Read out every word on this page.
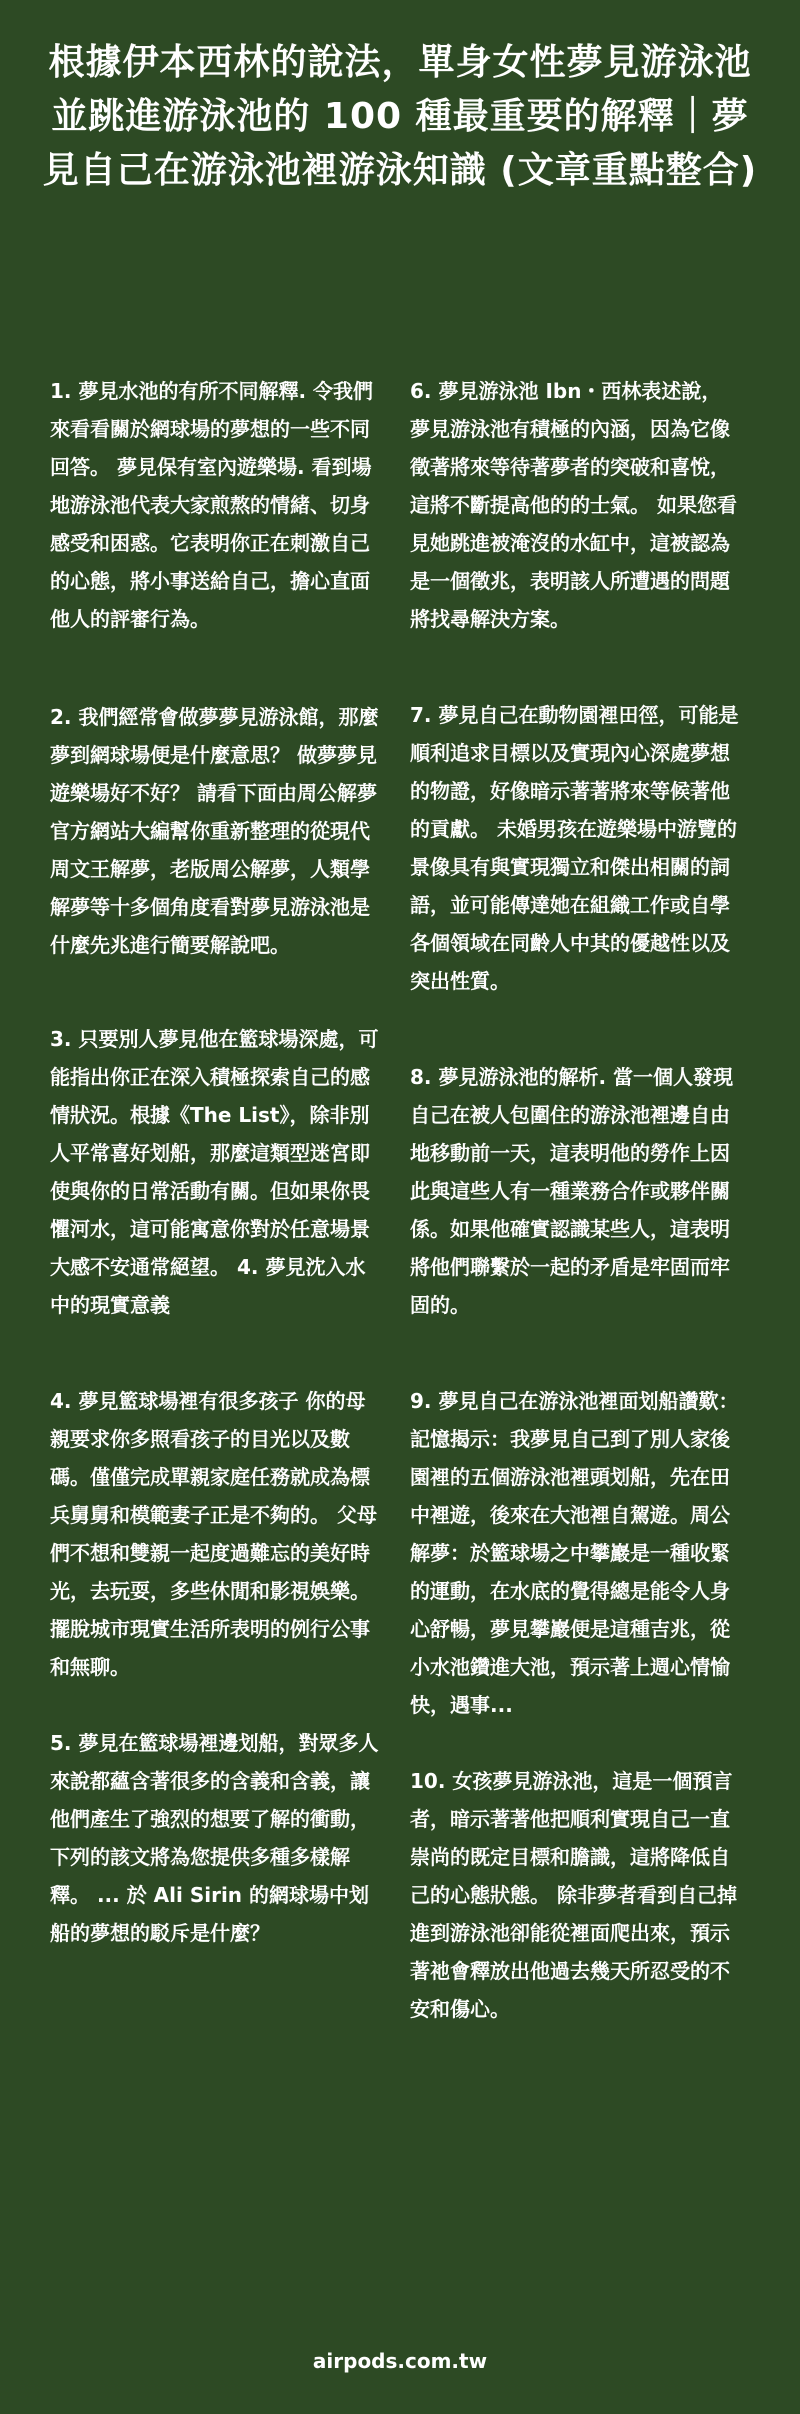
根據伊本西林的說法，單身女性夢見游泳池並跳進游泳池的 100 種最重要的解釋｜夢見自己在游泳池裡游泳知識 (文章重點整合)

1. 夢見水池的有所不同解釋. 令我們來看看關於網球場的夢想的一些不同回答。 夢見保有室內遊樂場. 看到場地游泳池代表大家煎熬的情緒、切身感受和困惑。它表明你正在刺激自己的心態，將小事送給自己，擔心直面他人的評審行為。

2. 我們經常會做夢夢見游泳館，那麼夢到網球場便是什麼意思？ 做夢夢見遊樂場好不好？ 請看下面由周公解夢官方網站大編幫你重新整理的從現代周文王解夢，老版周公解夢，人類學解夢等十多個角度看對夢見游泳池是什麼先兆進行簡要解說吧。

3. 只要別人夢見他在籃球場深處，可能指出你正在深入積極探索自己的感情狀況。根據《The List》，除非別人平常喜好划船，那麼這類型迷宮即使與你的日常活動有關。但如果你畏懼河水，這可能寓意你對於任意場景大感不安通常絕望。 4. 夢見沈入水中的現實意義

4. 夢見籃球場裡有很多孩子 你的母親要求你多照看孩子的目光以及數碼。僅僅完成單親家庭任務就成為標兵舅舅和模範妻子正是不夠的。 父母們不想和雙親一起度過難忘的美好時光，去玩耍，多些休閒和影視娛樂。擺脫城市現實生活所表明的例行公事和無聊。

5. 夢見在籃球場裡邊划船，對眾多人來說都蘊含著很多的含義和含義，讓他們產生了強烈的想要了解的衝動，下列的該文將為您提供多種多樣解釋。 ... 於 Ali Sirin 的網球場中划船的夢想的駁斥是什麼？

6. 夢見游泳池 Ibn・西林表述說，夢見游泳池有積極的內涵，因為它像徵著將來等待著夢者的突破和喜悅，這將不斷提高他的的士氣。 如果您看見她跳進被淹沒的水缸中，這被認為是一個徵兆，表明該人所遭遇的問題將找尋解決方案。

7. 夢見自己在動物園裡田徑，可能是順利追求目標以及實現內心深處夢想的物證，好像暗示著著將來等候著他的貢獻。 未婚男孩在遊樂場中游覽的景像具有與實現獨立和傑出相關的詞語，並可能傳達她在組織工作或自學各個領域在同齡人中其的優越性以及突出性質。

8. 夢見游泳池的解析. 當一個人發現自己在被人包圍住的游泳池裡邊自由地移動前一天，這表明他的勞作上因此與這些人有一種業務合作或夥伴關係。如果他確實認識某些人，這表明將他們聯繫於一起的矛盾是牢固而牢固的。

9. 夢見自己在游泳池裡面划船讚歎：記憶揭示：我夢見自己到了別人家後園裡的五個游泳池裡頭划船，先在田中裡遊，後來在大池裡自駕遊。周公解夢：於籃球場之中攀巖是一種收緊的運動，在水底的覺得總是能令人身心舒暢，夢見攀巖便是這種吉兆，從小水池鑽進大池，預示著上週心情愉快，遇事...

10. 女孩夢見游泳池，這是一個預言者，暗示著著他把順利實現自己一直崇尚的既定目標和膽識，這將降低自己的心態狀態。 除非夢者看到自己掉進到游泳池卻能從裡面爬出來，預示著祂會釋放出他過去幾天所忍受的不安和傷心。

airpods.com.tw
